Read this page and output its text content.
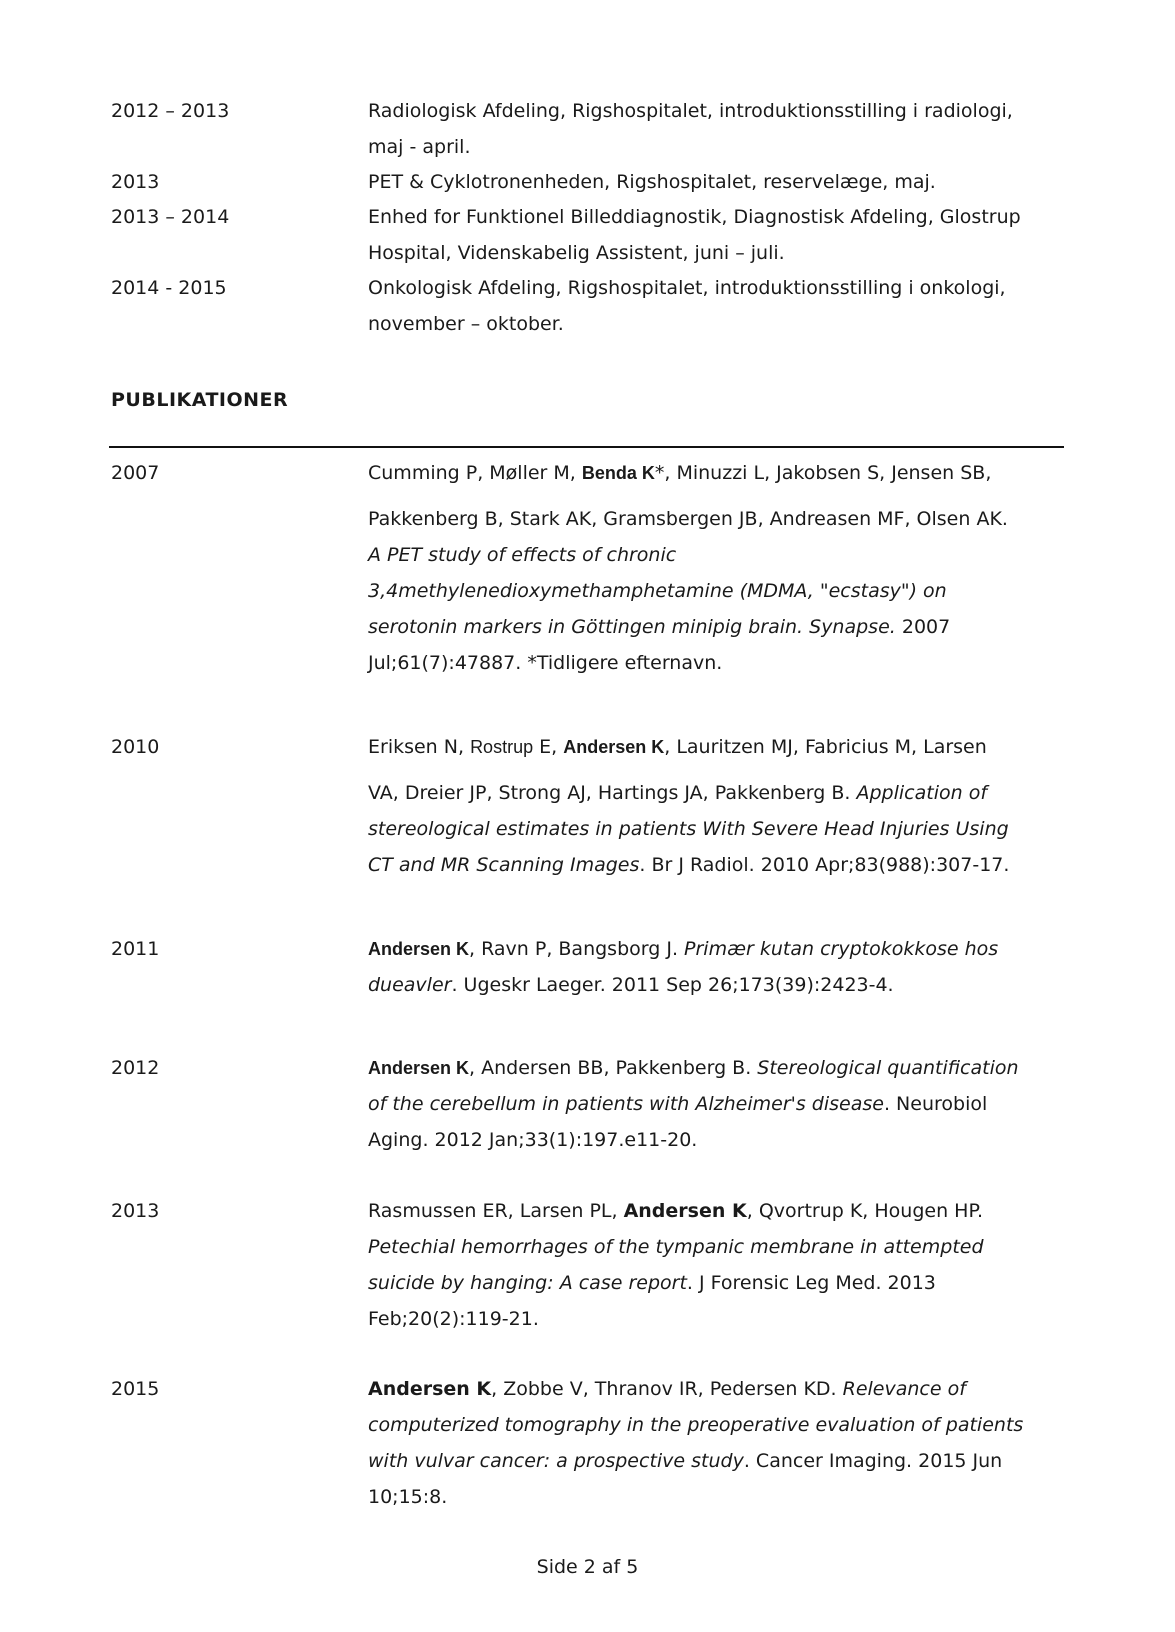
2012 – 2013	Radiologisk Afdeling, Rigshospitalet, introduktionsstilling i radiologi,
maj - april.
2013	PET & Cyklotronenheden, Rigshospitalet, reservelæge, maj.
2013 – 2014	Enhed for Funktionel Billeddiagnostik, Diagnostisk Afdeling, Glostrup
Hospital, Videnskabelig Assistent, juni – juli.
2014 - 2015	Onkologisk Afdeling, Rigshospitalet, introduktionsstilling i onkologi,
november – oktober.
PUBLIKATIONER
2007	Cumming P, Møller M, Benda K*, Minuzzi L, Jakobsen S, Jensen SB,
Pakkenberg B, Stark AK, Gramsbergen JB, Andreasen MF, Olsen AK.
A PET study of effects of chronic
3,4methylenedioxymethamphetamine (MDMA, "ecstasy") on
serotonin markers in Göttingen minipig brain. Synapse. 2007
Jul;61(7):47887. *Tidligere efternavn.
2010	Eriksen N, Rostrup E, Andersen K, Lauritzen MJ, Fabricius M, Larsen
VA, Dreier JP, Strong AJ, Hartings JA, Pakkenberg B. Application of
stereological estimates in patients With Severe Head Injuries Using
CT and MR Scanning Images. Br J Radiol. 2010 Apr;83(988):307-17.
2011	Andersen K, Ravn P, Bangsborg J. Primær kutan cryptokokkose hos
dueavler. Ugeskr Laeger. 2011 Sep 26;173(39):2423-4.
2012	Andersen K, Andersen BB, Pakkenberg B. Stereological quantification
of the cerebellum in patients with Alzheimer's disease. Neurobiol
Aging. 2012 Jan;33(1):197.e11-20.
2013	Rasmussen ER, Larsen PL, Andersen K, Qvortrup K, Hougen HP.
Petechial hemorrhages of the tympanic membrane in attempted
suicide by hanging: A case report. J Forensic Leg Med. 2013
Feb;20(2):119-21.
2015	Andersen K, Zobbe V, Thranov IR, Pedersen KD. Relevance of
computerized tomography in the preoperative evaluation of patients
with vulvar cancer: a prospective study. Cancer Imaging. 2015 Jun
10;15:8.
Side 2 af 5
